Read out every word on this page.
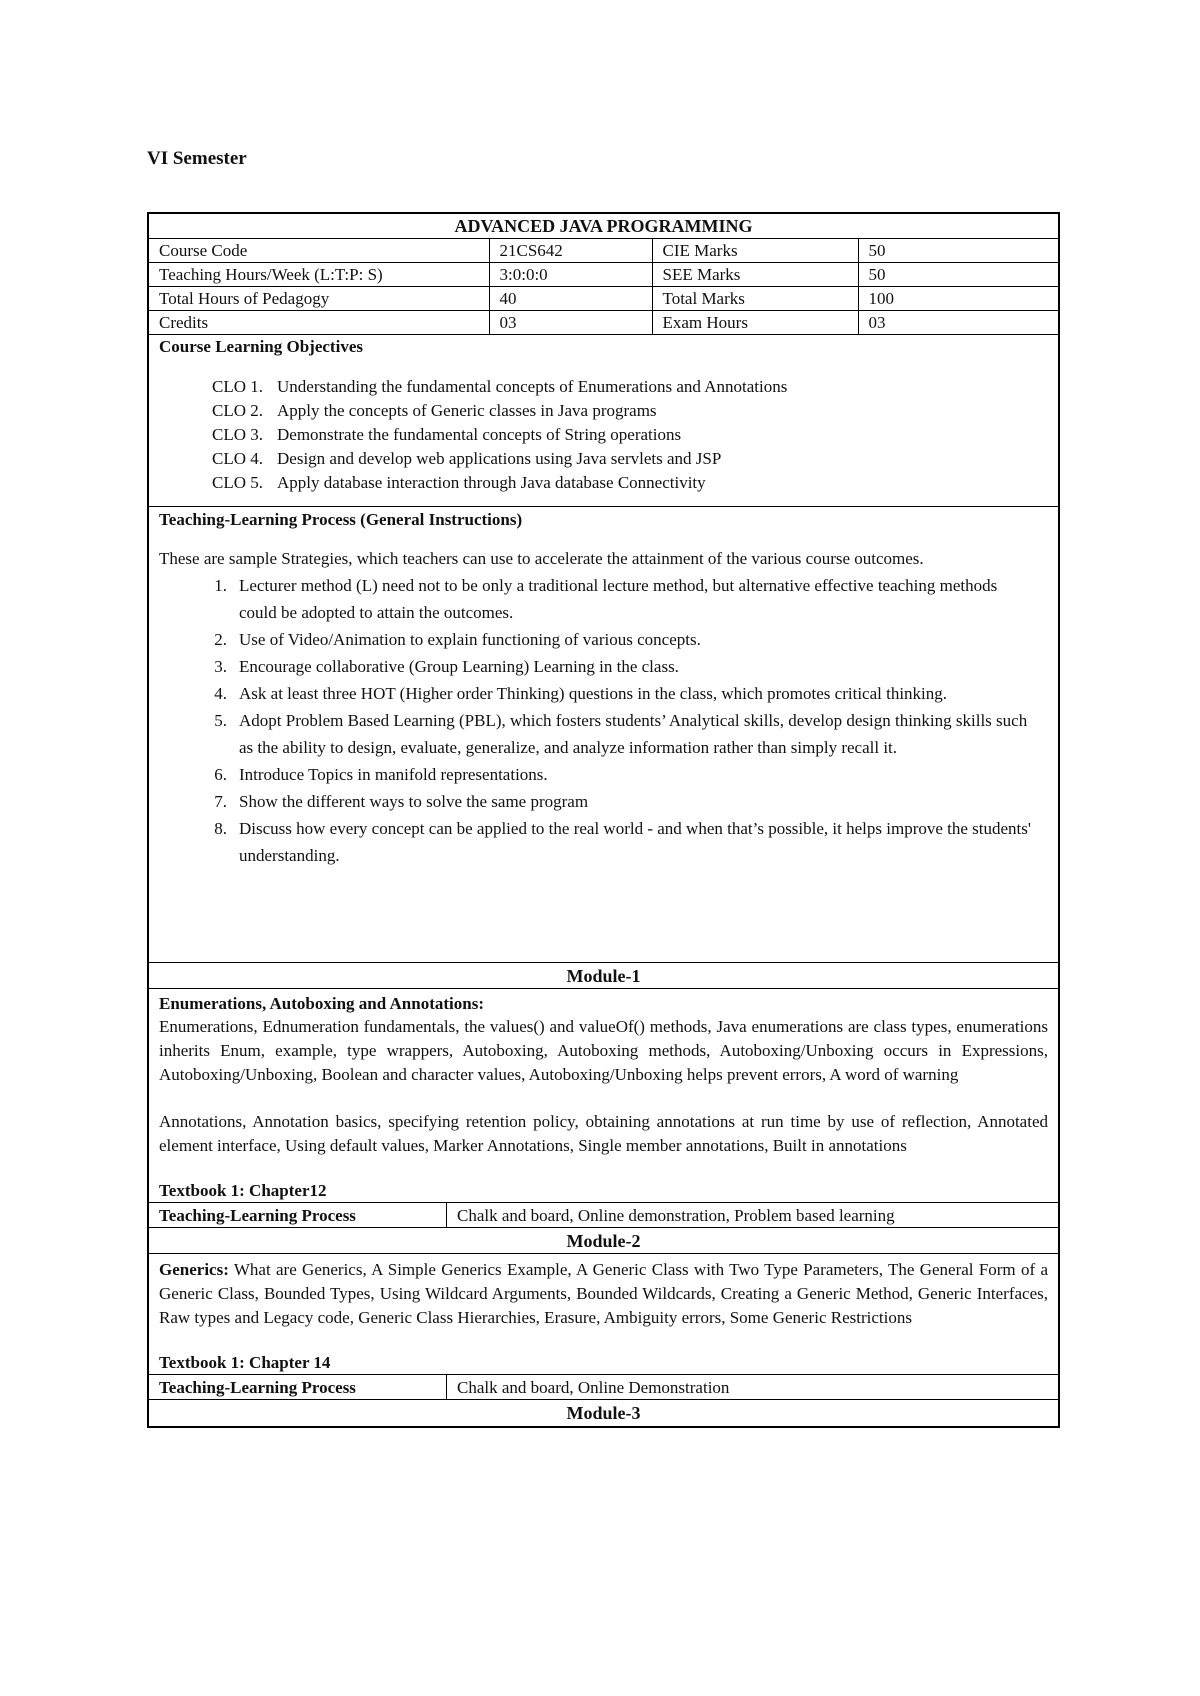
VI Semester
ADVANCED JAVA PROGRAMMING
Course Code	21CS642	CIE Marks	50
Teaching Hours/Week (L:T:P: S)	3:0:0:0	SEE Marks	50
Total Hours of Pedagogy	40	Total Marks	100
Credits	03	Exam Hours	03
Course Learning Objectives
CLO 1. Understanding the fundamental concepts of Enumerations and Annotations
CLO 2. Apply the concepts of Generic classes in Java programs
CLO 3. Demonstrate the fundamental concepts of String operations
CLO 4. Design and develop web applications using Java servlets and JSP
CLO 5. Apply database interaction through Java database Connectivity
Teaching-Learning Process (General Instructions)

These are sample Strategies, which teachers can use to accelerate the attainment of the various course outcomes.

1. Lecturer method (L) need not to be only a traditional lecture method, but alternative effective teaching methods could be adopted to attain the outcomes.
2. Use of Video/Animation to explain functioning of various concepts.
3. Encourage collaborative (Group Learning) Learning in the class.
4. Ask at least three HOT (Higher order Thinking) questions in the class, which promotes critical thinking.
5. Adopt Problem Based Learning (PBL), which fosters students’ Analytical skills, develop design thinking skills such as the ability to design, evaluate, generalize, and analyze information rather than simply recall it.
6. Introduce Topics in manifold representations.
7. Show the different ways to solve the same program
8. Discuss how every concept can be applied to the real world - and when that’s possible, it helps improve the students' understanding.
Module-1

Enumerations, Autoboxing and Annotations:

Enumerations, Ednumeration fundamentals, the values() and valueOf() methods, Java enumerations are class types, enumerations inherits Enum, example, type wrappers, Autoboxing, Autoboxing methods, Autoboxing/Unboxing occurs in Expressions, Autoboxing/Unboxing, Boolean and character values, Autoboxing/Unboxing helps prevent errors, A word of warning

Annotations, Annotation basics, specifying retention policy, obtaining annotations at run time by use of reflection, Annotated element interface, Using default values, Marker Annotations, Single member annotations, Built in annotations

Textbook 1: Chapter12

Teaching-Learning Process	Chalk and board, Online demonstration, Problem based learning
Module-2

Generics: What are Generics, A Simple Generics Example, A Generic Class with Two Type Parameters, The General Form of a Generic Class, Bounded Types, Using Wildcard Arguments, Bounded Wildcards, Creating a Generic Method, Generic Interfaces, Raw types and Legacy code, Generic Class Hierarchies, Erasure, Ambiguity errors, Some Generic Restrictions

Textbook 1: Chapter 14

Teaching-Learning Process	Chalk and board, Online Demonstration
Module-3
